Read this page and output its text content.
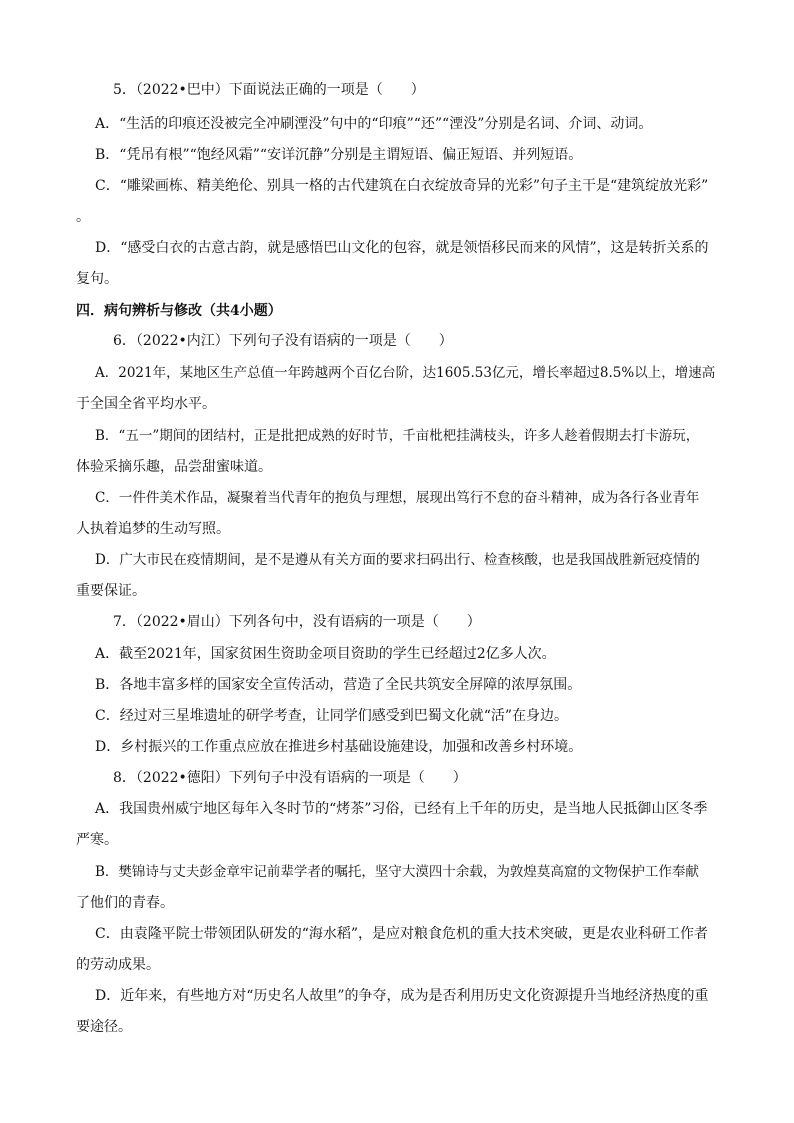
5．（2022•巴中）下面说法正确的一项是（　　）
A．“生活的印痕还没被完全冲刷湮没”句中的“印痕”“还”“湮没”分别是名词、介词、动词。
B．“凭吊有根”“饱经风霜”“安详沉静”分别是主谓短语、偏正短语、并列短语。
C．“雕梁画栋、精美绝伦、别具一格的古代建筑在白衣绽放奇异的光彩”句子主干是“建筑绽放光彩”
。
D．“感受白衣的古意古韵，就是感悟巴山文化的包容，就是领悟移民而来的风情”，这是转折关系的
复句。
四．病句辨析与修改（共4小题）
6．（2022•内江）下列句子没有语病的一项是（　　）
A．2021年，某地区生产总值一年跨越两个百亿台阶，达1605.53亿元，增长率超过8.5%以上，增速高
于全国全省平均水平。
B．“五一”期间的团结村，正是批把成熟的好时节，千亩枇杷挂满枝头，许多人趁着假期去打卡游玩，
体验采摘乐趣，品尝甜蜜味道。
C．一件件美术作品，凝聚着当代青年的抱负与理想，展现出笃行不怠的奋斗精神，成为各行各业青年
人执着追梦的生动写照。
D．广大市民在疫情期间，是不是遵从有关方面的要求扫码出行、检查核酸，也是我国战胜新冠疫情的
重要保证。
7．（2022•眉山）下列各句中，没有语病的一项是（　　）
A．截至2021年，国家贫困生资助金项目资助的学生已经超过2亿多人次。
B．各地丰富多样的国家安全宣传活动，营造了全民共筑安全屏障的浓厚氛围。
C．经过对三星堆遗址的研学考查，让同学们感受到巴蜀文化就“活”在身边。
D．乡村振兴的工作重点应放在推进乡村基础设施建设，加强和改善乡村环境。
8．（2022•德阳）下列句子中没有语病的一项是（　　）
A．我国贵州威宁地区每年入冬时节的“烤茶”习俗，已经有上千年的历史，是当地人民抵御山区冬季
严寒。
B．樊锦诗与丈夫彭金章牢记前辈学者的嘱托，坚守大漠四十余载，为敦煌莫高窟的文物保护工作奉献
了他们的青春。
C．由袁隆平院士带领团队研发的“海水稻”，是应对粮食危机的重大技术突破，更是农业科研工作者
的劳动成果。
D．近年来，有些地方对“历史名人故里”的争夺，成为是否利用历史文化资源提升当地经济热度的重
要途径。
